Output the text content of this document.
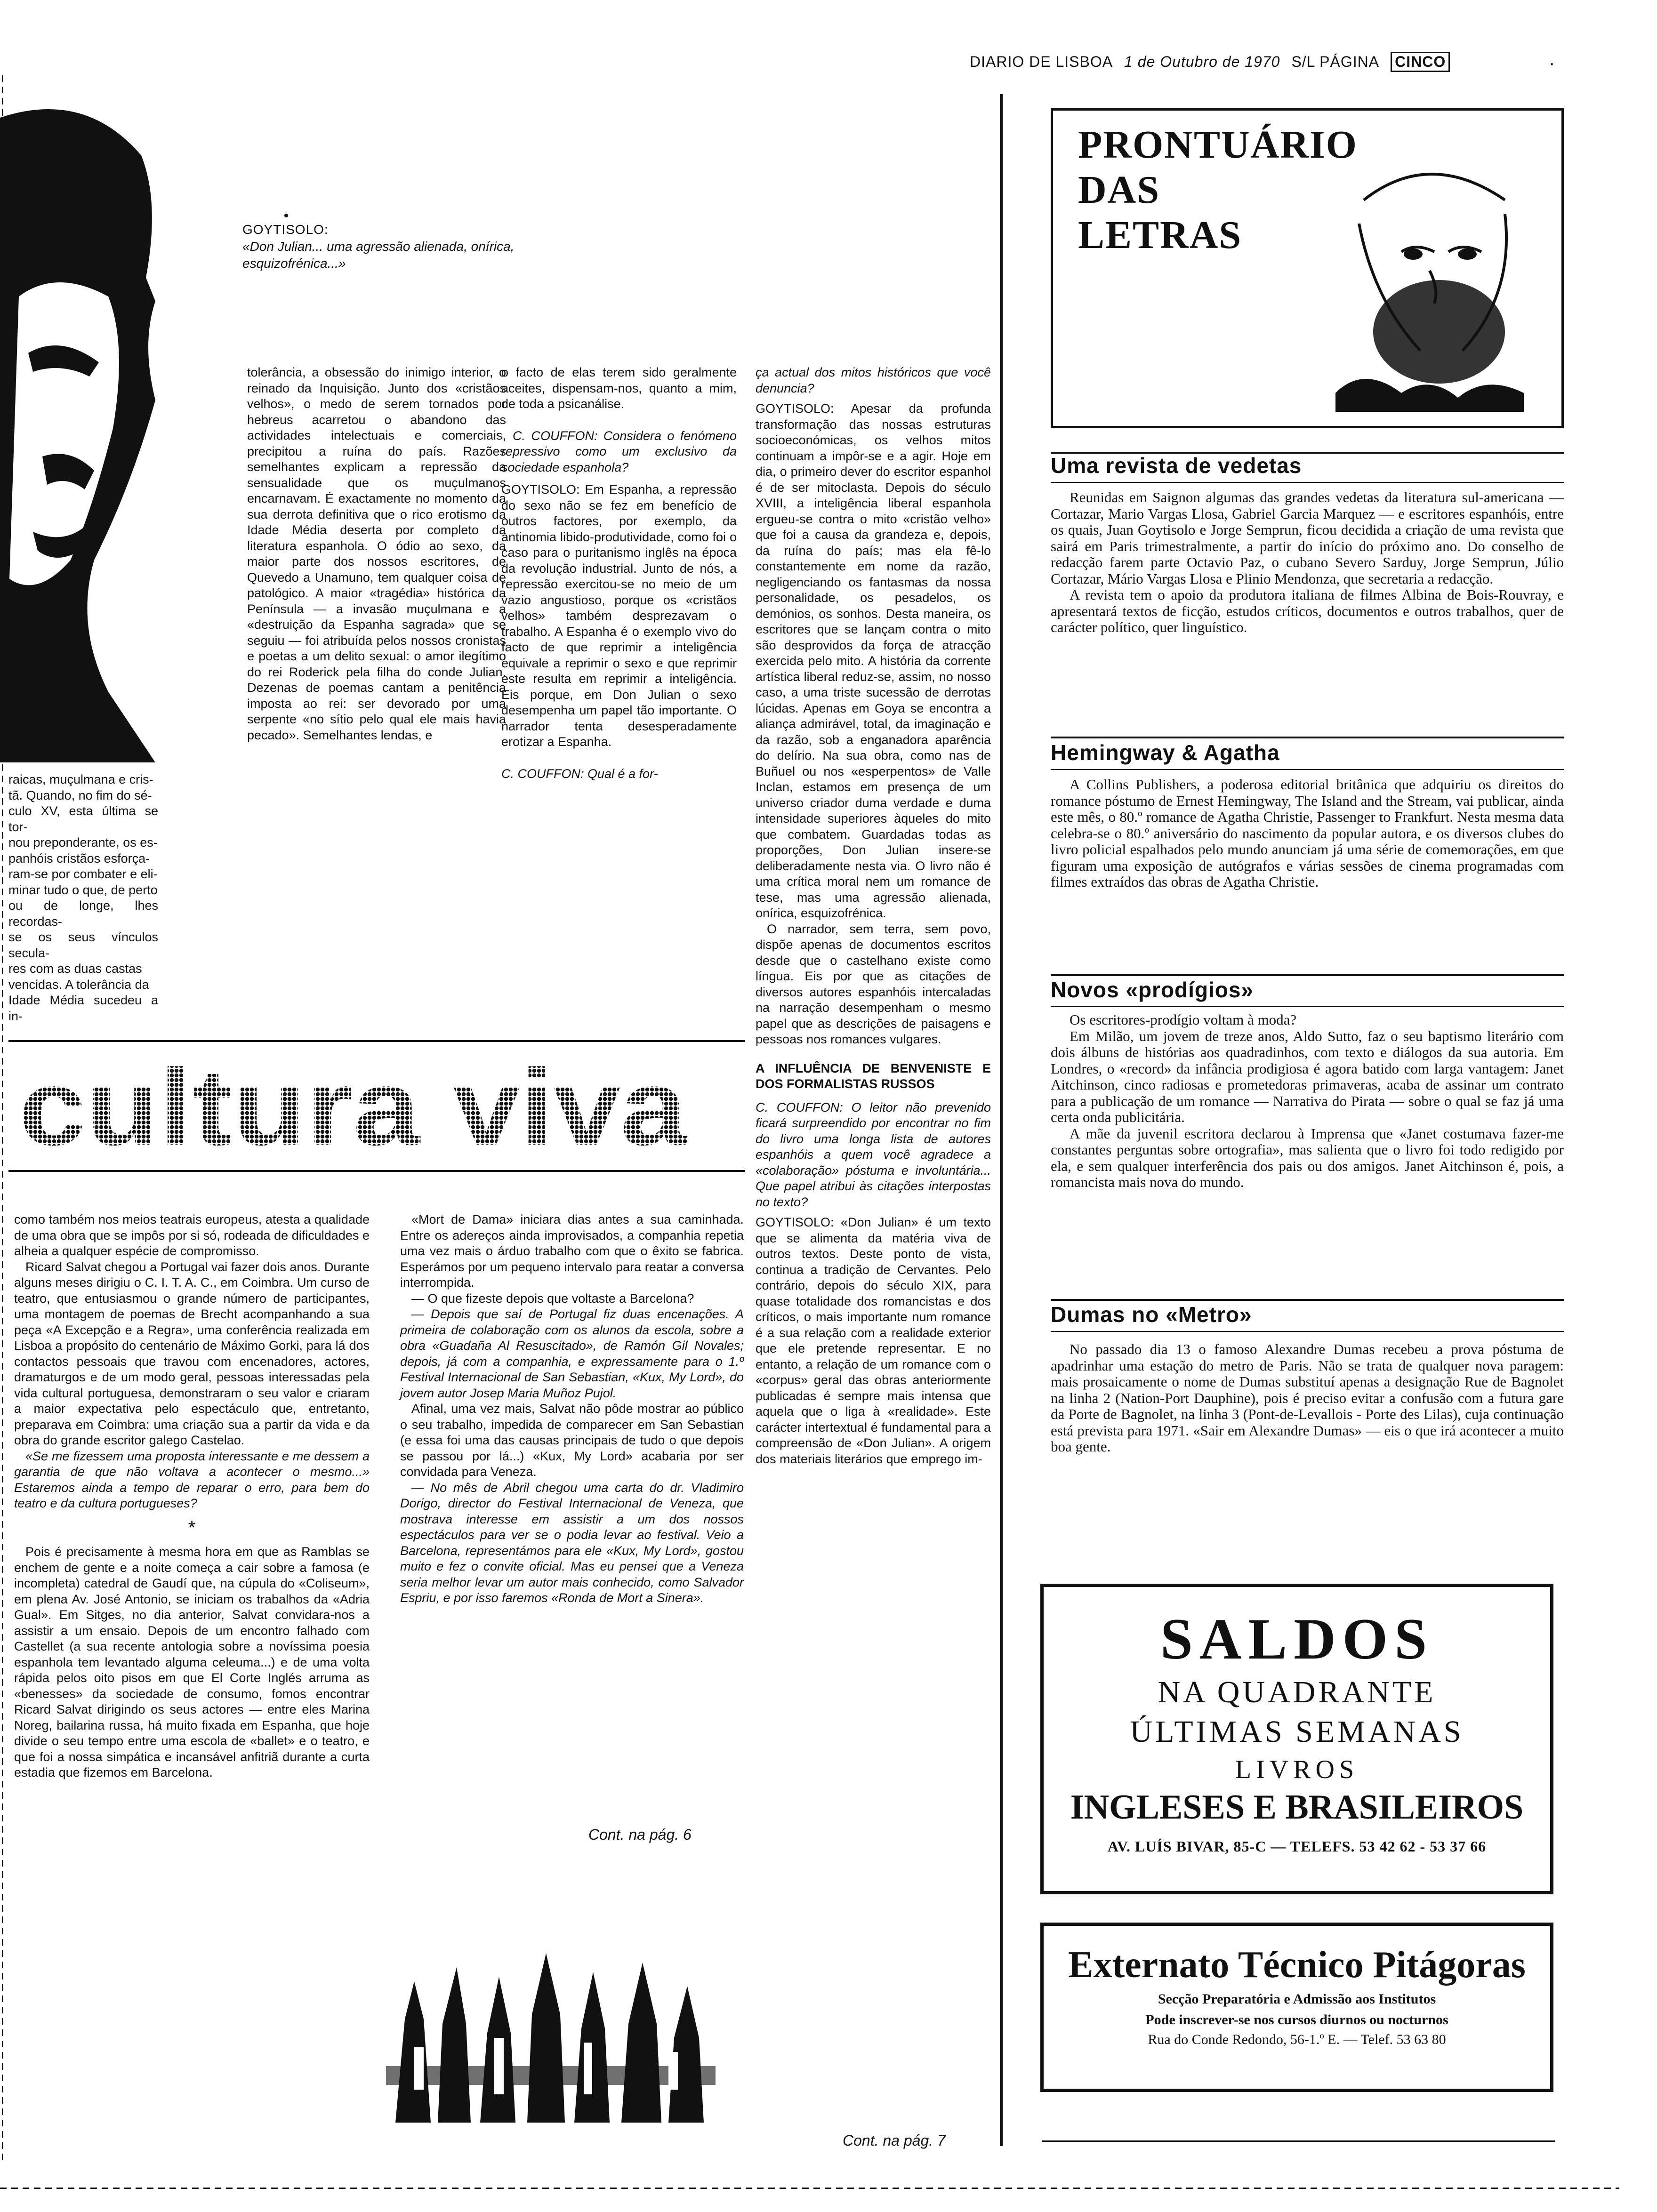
DIARIO DE LISBOA 1 de Outubro de 1970 S/L PÁGINA CINCO	·
GOYTISOLO:
«Don Julian... uma agressão alienada, onírica, esquizofrénica...»
raicas, muçulmana e cris-
tã. Quando, no fim do sé-
culo XV, esta última se tor-
nou preponderante, os es-
panhóis cristãos esforça-
ram-se por combater e eli-
minar tudo o que, de perto
ou de longe, lhes recordas-
se os seus vínculos secula-
res com as duas castas
vencidas. A tolerância da
Idade Média sucedeu a in-

tolerância, a obsessão do inimigo interior, o reinado da Inquisição. Junto dos «cristãos velhos», o medo de serem tornados por hebreus acarretou o abandono das actividades intelectuais e comerciais, precipitou a ruína do país. Razões semelhantes explicam a repressão da sensualidade que os muçulmanos encarnavam. É exactamente no momento da sua derrota definitiva que o rico erotismo da Idade Média deserta por completo da literatura espanhola. O ódio ao sexo, da maior parte dos nossos escritores, de Quevedo a Unamuno, tem qualquer coisa de patológico. A maior «tragédia» histórica da Península — a invasão muçulmana e a «destruição da Espanha sagrada» que se seguiu — foi atribuída pelos nossos cronistas e poetas a um delito sexual: o amor ilegítimo do rei Roderick pela filha do conde Julian. Dezenas de poemas cantam a penitência imposta ao rei: ser devorado por uma serpente «no sítio pelo qual ele mais havia pecado». Semelhantes lendas, e

o facto de elas terem sido geralmente aceites, dispensam-nos, quanto a mim, de toda a psicanálise.

C. COUFFON: Considera o fenómeno repressivo como um exclusivo da sociedade espanhola?

GOYTISOLO: Em Espanha, a repressão do sexo não se fez em benefício de outros factores, por exemplo, da antinomia libido-produtividade, como foi o caso para o puritanismo inglês na época da revolução industrial. Junto de nós, a repressão exercitou-se no meio de um vazio angustioso, porque os «cristãos velhos» também desprezavam o trabalho. A Espanha é o exemplo vivo do facto de que reprimir a inteligência equivale a reprimir o sexo e que reprimir este resulta em reprimir a inteligência. Eis porque, em Don Julian o sexo desempenha um papel tão importante. O narrador tenta desesperadamente erotizar a Espanha.

C. COUFFON: Qual é a for-

ça actual dos mitos históricos que você denuncia?

GOYTISOLO: Apesar da profunda transformação das nossas estruturas socioeconómicas, os velhos mitos continuam a impôr-se e a agir. Hoje em dia, o primeiro dever do escritor espanhol é de ser mitoclasta. Depois do século XVIII, a inteligência liberal espanhola ergueu-se contra o mito «cristão velho» que foi a causa da grandeza e, depois, da ruína do país; mas ela fê-lo constantemente em nome da razão, negligenciando os fantasmas da nossa personalidade, os pesadelos, os demónios, os sonhos. Desta maneira, os escritores que se lançam contra o mito são desprovidos da força de atracção exercida pelo mito. A história da corrente artística liberal reduz-se, assim, no nosso caso, a uma triste sucessão de derrotas lúcidas. Apenas em Goya se encontra a aliança admirável, total, da imaginação e da razão, sob a enganadora aparência do delírio. Na sua obra, como nas de Buñuel ou nos «esperpentos» de Valle Inclan, estamos em presença de um universo criador duma verdade e duma intensidade superiores àqueles do mito que combatem. Guardadas todas as proporções, Don Julian insere-se deliberadamente nesta via. O livro não é uma crítica moral nem um romance de tese, mas uma agressão alienada, onírica, esquizofrénica.

O narrador, sem terra, sem povo, dispõe apenas de documentos escritos desde que o castelhano existe como língua. Eis por que as citações de diversos autores espanhóis intercaladas na narração desempenham o mesmo papel que as descrições de paisagens e pessoas nos romances vulgares.

A INFLUÊNCIA DE BENVENISTE E DOS FORMALISTAS RUSSOS

C. COUFFON: O leitor não prevenido ficará surpreendido por encontrar no fim do livro uma longa lista de autores espanhóis a quem você agradece a «colaboração» póstuma e involuntária... Que papel atribui às citações interpostas no texto?

GOYTISOLO: «Don Julian» é um texto que se alimenta da matéria viva de outros textos. Deste ponto de vista, continua a tradição de Cervantes. Pelo contrário, depois do século XIX, para quase totalidade dos romancistas e dos críticos, o mais importante num romance é a sua relação com a realidade exterior que ele pretende representar. E no entanto, a relação de um romance com o «corpus» geral das obras anteriormente publicadas é sempre mais intensa que aquela que o liga à «realidade». Este carácter intertextual é fundamental para a compreensão de «Don Julian». A origem dos materiais literários que emprego im-

Cont. na pág. 7
cultura viva

como também nos meios teatrais europeus, atesta a qualidade de uma obra que se impôs por si só, rodeada de dificuldades e alheia a qualquer espécie de compromisso.

Ricard Salvat chegou a Portugal vai fazer dois anos. Durante alguns meses dirigiu o C. I. T. A. C., em Coimbra. Um curso de teatro, que entusiasmou o grande número de participantes, uma montagem de poemas de Brecht acompanhando a sua peça «A Excepção e a Regra», uma conferência realizada em Lisboa a propósito do centenário de Máximo Gorki, para lá dos contactos pessoais que travou com encenadores, actores, dramaturgos e de um modo geral, pessoas interessadas pela vida cultural portuguesa, demonstraram o seu valor e criaram a maior expectativa pelo espectáculo que, entretanto, preparava em Coimbra: uma criação sua a partir da vida e da obra do grande escritor galego Castelao.

«Se me fizessem uma proposta interessante e me dessem a garantia de que não voltava a acontecer o mesmo...» Estaremos ainda a tempo de reparar o erro, para bem do teatro e da cultura portugueses?

*

Pois é precisamente à mesma hora em que as Ramblas se enchem de gente e a noite começa a cair sobre a famosa (e incompleta) catedral de Gaudí que, na cúpula do «Coliseum», em plena Av. José Antonio, se iniciam os trabalhos da «Adria Gual». Em Sitges, no dia anterior, Salvat convidara-nos a assistir a um ensaio. Depois de um encontro falhado com Castellet (a sua recente antologia sobre a novíssima poesia espanhola tem levantado alguma celeuma...) e de uma volta rápida pelos oito pisos em que El Corte Inglés arruma as «benesses» da sociedade de consumo, fomos encontrar Ricard Salvat dirigindo os seus actores — entre eles Marina Noreg, bailarina russa, há muito fixada em Espanha, que hoje divide o seu tempo entre uma escola de «ballet» e o teatro, e que foi a nossa simpática e incansável anfitriã durante a curta estadia que fizemos em Barcelona.

«Mort de Dama» iniciara dias antes a sua caminhada. Entre os adereços ainda improvisados, a companhia repetia uma vez mais o árduo trabalho com que o êxito se fabrica. Esperámos por um pequeno intervalo para reatar a conversa interrompida.

— O que fizeste depois que voltaste a Barcelona?

— Depois que saí de Portugal fiz duas encenações. A primeira de colaboração com os alunos da escola, sobre a obra «Guadaña Al Resuscitado», de Ramón Gil Novales; depois, já com a companhia, e expressamente para o 1.º Festival Internacional de San Sebastian, «Kux, My Lord», do jovem autor Josep Maria Muñoz Pujol.

Afinal, uma vez mais, Salvat não pôde mostrar ao público o seu trabalho, impedida de comparecer em San Sebastian (e essa foi uma das causas principais de tudo o que depois se passou por lá...) «Kux, My Lord» acabaria por ser convidada para Veneza.

— No mês de Abril chegou uma carta do dr. Vladimiro Dorigo, director do Festival Internacional de Veneza, que mostrava interesse em assistir a um dos nossos espectáculos para ver se o podia levar ao festival. Veio a Barcelona, representámos para ele «Kux, My Lord», gostou muito e fez o convite oficial. Mas eu pensei que a Veneza seria melhor levar um autor mais conhecido, como Salvador Espriu, e por isso faremos «Ronda de Mort a Sinera».

Cont. na pág. 6
PRONTUÁRIO
DAS
LETRAS
Uma revista de vedetas

Reunidas em Saignon algumas das grandes vedetas da literatura sul-americana — Cortazar, Mario Vargas Llosa, Gabriel Garcia Marquez — e escritores espanhóis, entre os quais, Juan Goytisolo e Jorge Semprun, ficou decidida a criação de uma revista que sairá em Paris trimestralmente, a partir do início do próximo ano. Do conselho de redacção farem parte Octavio Paz, o cubano Severo Sarduy, Jorge Semprun, Júlio Cortazar, Mário Vargas Llosa e Plinio Mendonza, que secretaria a redacção.

A revista tem o apoio da produtora italiana de filmes Albina de Bois-Rouvray, e apresentará textos de ficção, estudos críticos, documentos e outros trabalhos, quer de carácter político, quer linguístico.

Hemingway & Agatha

A Collins Publishers, a poderosa editorial britânica que adquiriu os direitos do romance póstumo de Ernest Hemingway, The Island and the Stream, vai publicar, ainda este mês, o 80.º romance de Agatha Christie, Passenger to Frankfurt. Nesta mesma data celebra-se o 80.º aniversário do nascimento da popular autora, e os diversos clubes do livro policial espalhados pelo mundo anunciam já uma série de comemorações, em que figuram uma exposição de autógrafos e várias sessões de cinema programadas com filmes extraídos das obras de Agatha Christie.

Novos «prodígios»

Os escritores-prodígio voltam à moda?

Em Milão, um jovem de treze anos, Aldo Sutto, faz o seu baptismo literário com dois álbuns de histórias aos quadradinhos, com texto e diálogos da sua autoria. Em Londres, o «record» da infância prodigiosa é agora batido com larga vantagem: Janet Aitchinson, cinco radiosas e prometedoras primaveras, acaba de assinar um contrato para a publicação de um romance — Narrativa do Pirata — sobre o qual se faz já uma certa onda publicitária.

A mãe da juvenil escritora declarou à Imprensa que «Janet costumava fazer-me constantes perguntas sobre ortografia», mas salienta que o livro foi todo redigido por ela, e sem qualquer interferência dos pais ou dos amigos. Janet Aitchinson é, pois, a romancista mais nova do mundo.

Dumas no «Metro»

No passado dia 13 o famoso Alexandre Dumas recebeu a prova póstuma de apadrinhar uma estação do metro de Paris. Não se trata de qualquer nova paragem: mais prosaicamente o nome de Dumas substituí apenas a designação Rue de Bagnolet na linha 2 (Nation-Port Dauphine), pois é preciso evitar a confusão com a futura gare da Porte de Bagnolet, na linha 3 (Pont-de-Levallois - Porte des Lilas), cuja continuação está prevista para 1971. «Sair em Alexandre Dumas» — eis o que irá acontecer a muito boa gente.

SALDOS
NA QUADRANTE
ÚLTIMAS SEMANAS
LIVROS
INGLESES E BRASILEIROS
AV. LUÍS BIVAR, 85-C — TELEFS. 53 42 62 - 53 37 66
Externato Técnico Pitágoras
Secção Preparatória e Admissão aos Institutos
Pode inscrever-se nos cursos diurnos ou nocturnos
Rua do Conde Redondo, 56-1.º E. — Telef. 53 63 80
